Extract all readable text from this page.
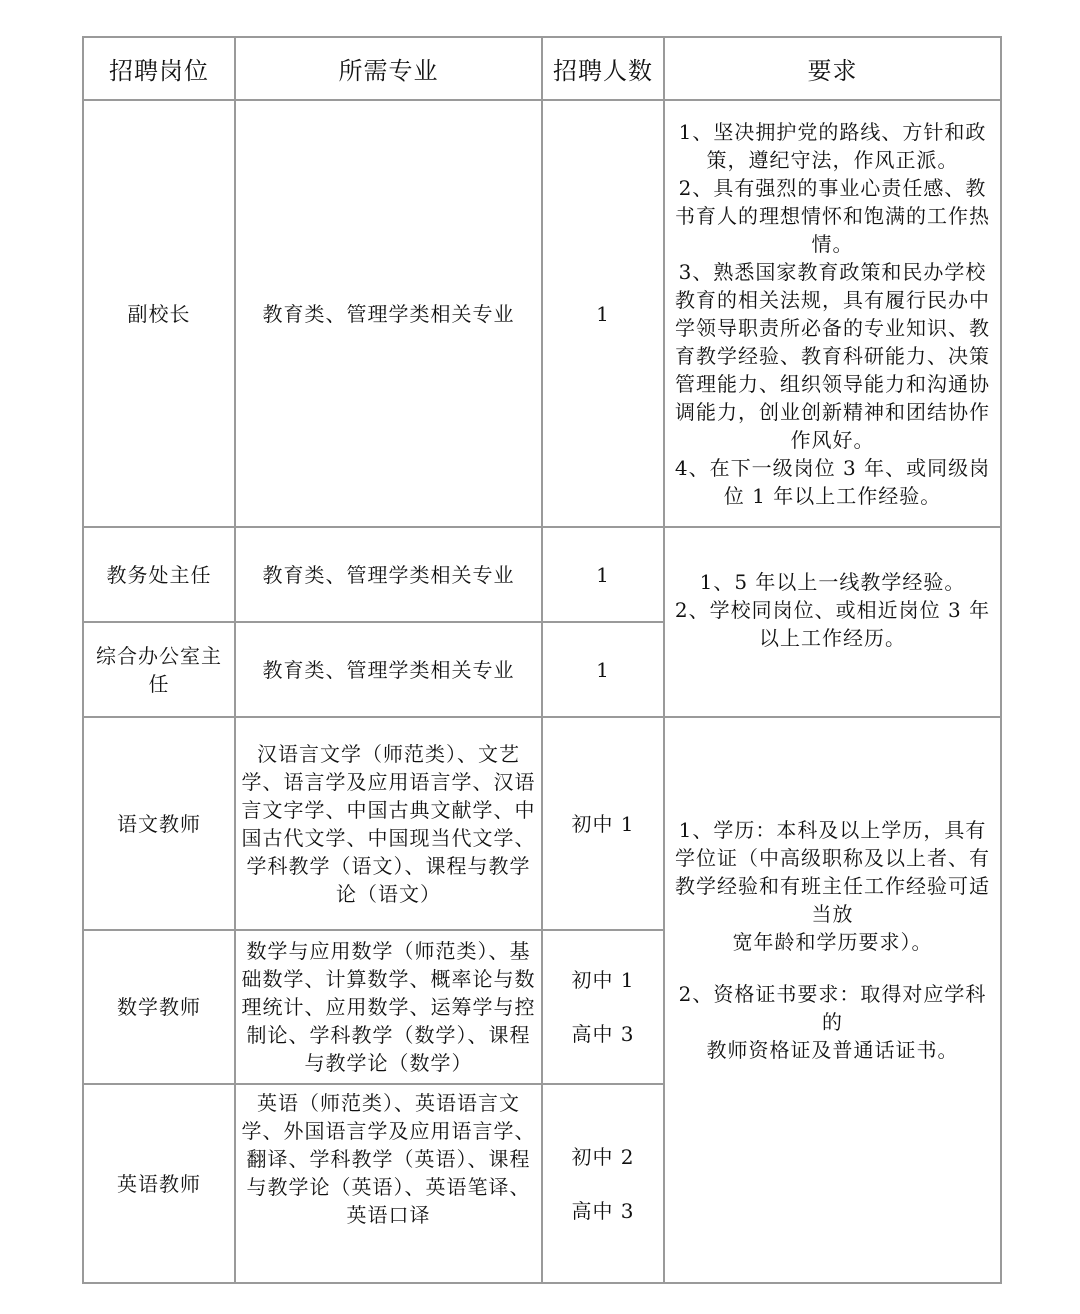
招聘岗位	所需专业	招聘人数	要求
副校长	教育类、管理学类相关专业	1	1、坚决拥护党的路线、方针和政策，遵纪守法，作风正派。

2、具有强烈的事业心责任感、教书育人的理想情怀和饱满的工作热情。

3、熟悉国家教育政策和民办学校教育的相关法规，具有履行民办中学领导职责所必备的专业知识、教育教学经验、教育科研能力、决策管理能力、组织领导能力和沟通协调能力，创业创新精神和团结协作作风好。

4、在下一级岗位 3 年、或同级岗位 1 年以上工作经验。

教务处主任	教育类、管理学类相关专业	1	1、5 年以上一线教学经验。

2、学校同岗位、或相近岗位 3 年以上工作经历。

综合办公室主任	教育类、管理学类相关专业	1	

语文教师	汉语言文学（师范类）、文艺学、语言学及应用语言学、汉语言文字学、中国古典文献学、中国古代文学、中国现当代文学、学科教学（语文）、课程与教学论（语文）	初中 1	1、学历：本科及以上学历，具有学位证（中高级职称及以上者、有教学经验和有班主任工作经验可适当放

宽年龄和学历要求）。

2、资格证书要求：取得对应学科的

教师资格证及普通话证书。

数学教师	数学与应用数学（师范类）、基础数学、计算数学、概率论与数理统计、应用数学、运筹学与控制论、学科教学（数学）、课程与教学论（数学）	初中 1
高中 3	

英语教师	英语（师范类）、英语语言文学、外国语言学及应用语言学、翻译、学科教学（英语）、课程与教学论（英语）、英语笔译、英语口译	初中 2
高中 3	
